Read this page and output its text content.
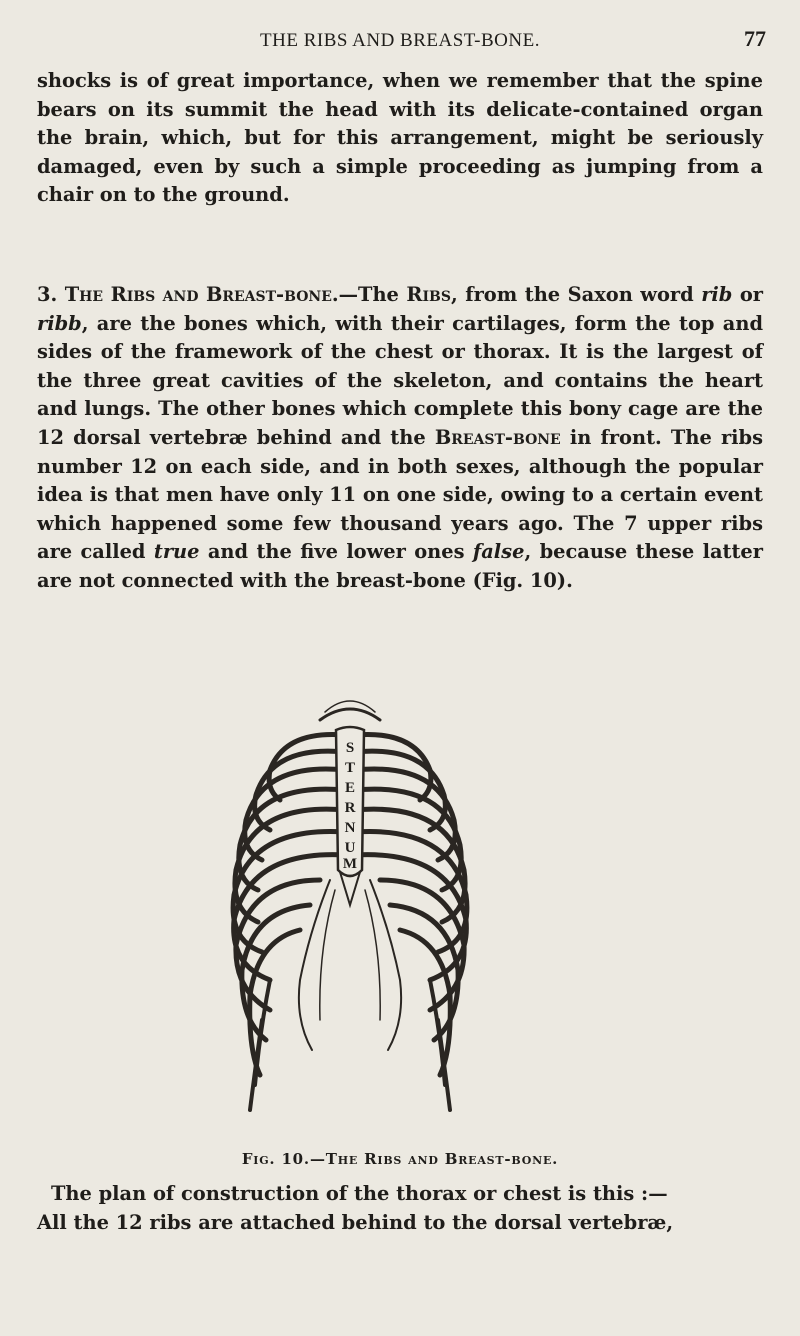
THE RIBS AND BREAST-BONE.	77

shocks is of great importance, when we remember that the spine bears on its summit the head with its delicate-contained organ the brain, which, but for this arrangement, might be seriously damaged, even by such a simple proceeding as jumping from a chair on to the ground.

3. The Ribs and Breast-bone.—The Ribs, from the Saxon word rib or ribb, are the bones which, with their cartilages, form the top and sides of the framework of the chest or thorax. It is the largest of the three great cavities of the skeleton, and contains the heart and lungs. The other bones which complete this bony cage are the 12 dorsal vertebræ behind and the Breast-bone in front. The ribs number 12 on each side, and in both sexes, although the popular idea is that men have only 11 on one side, owing to a certain event which happened some few thousand years ago. The 7 upper ribs are called true and the five lower ones false, because these latter are not connected with the breast-bone (Fig. 10).

S
T
E
R
N
U
M
Fig. 10.—The Ribs and Breast-bone.
The plan of construction of the thorax or chest is this :—
All the 12 ribs are attached behind to the dorsal vertebræ,
